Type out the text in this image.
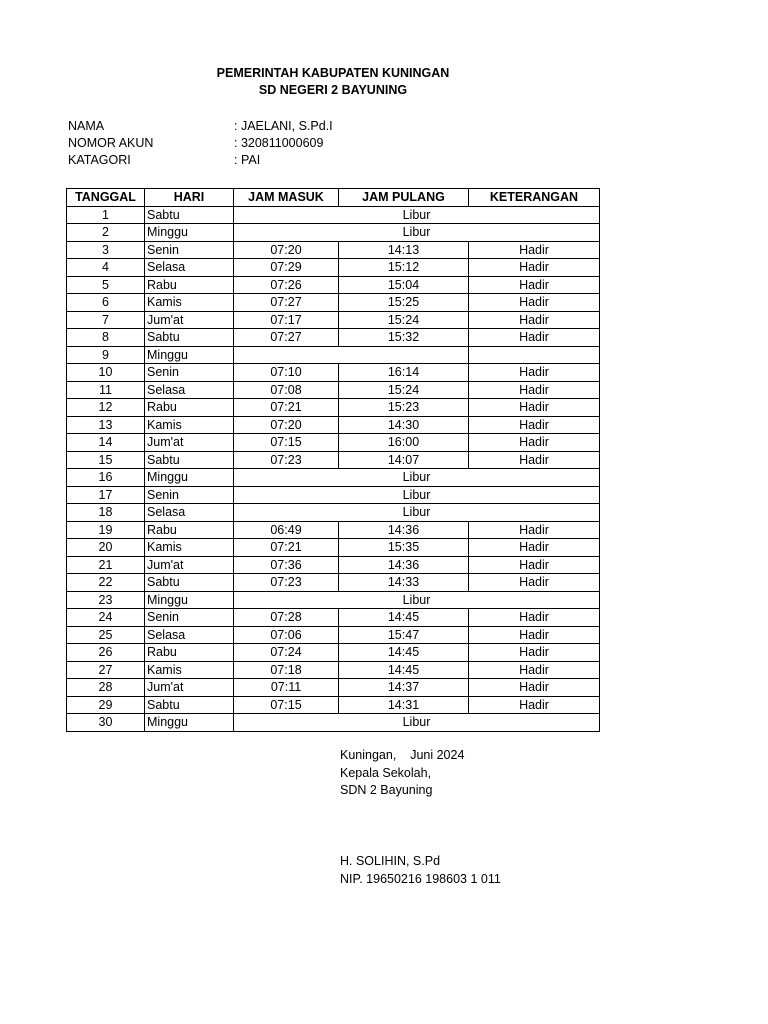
PEMERINTAH KABUPATEN KUNINGAN
SD NEGERI 2 BAYUNING
NAMA	: JAELANI, S.Pd.I
NOMOR AKUN	: 320811000609
KATAGORI	: PAI
TANGGAL	HARI	JAM MASUK	JAM PULANG	KETERANGAN
1	Sabtu	Libur		
2	Minggu	Libur		
3	Senin	07:20	14:13	Hadir
4	Selasa	07:29	15:12	Hadir
5	Rabu	07:26	15:04	Hadir
6	Kamis	07:27	15:25	Hadir
7	Jum'at	07:17	15:24	Hadir
8	Sabtu	07:27	15:32	Hadir
9	Minggu			
10	Senin	07:10	16:14	Hadir
11	Selasa	07:08	15:24	Hadir
12	Rabu	07:21	15:23	Hadir
13	Kamis	07:20	14:30	Hadir
14	Jum'at	07:15	16:00	Hadir
15	Sabtu	07:23	14:07	Hadir
16	Minggu	Libur		
17	Senin	Libur		
18	Selasa	Libur		
19	Rabu	06:49	14:36	Hadir
20	Kamis	07:21	15:35	Hadir
21	Jum'at	07:36	14:36	Hadir
22	Sabtu	07:23	14:33	Hadir
23	Minggu	Libur		
24	Senin	07:28	14:45	Hadir
25	Selasa	07:06	15:47	Hadir
26	Rabu	07:24	14:45	Hadir
27	Kamis	07:18	14:45	Hadir
28	Jum'at	07:11	14:37	Hadir
29	Sabtu	07:15	14:31	Hadir
30	Minggu	Libur		
Kuningan,    Juni 2024
Kepala Sekolah,
SDN 2 Bayuning
H. SOLIHIN, S.Pd
NIP. 19650216 198603 1 011
